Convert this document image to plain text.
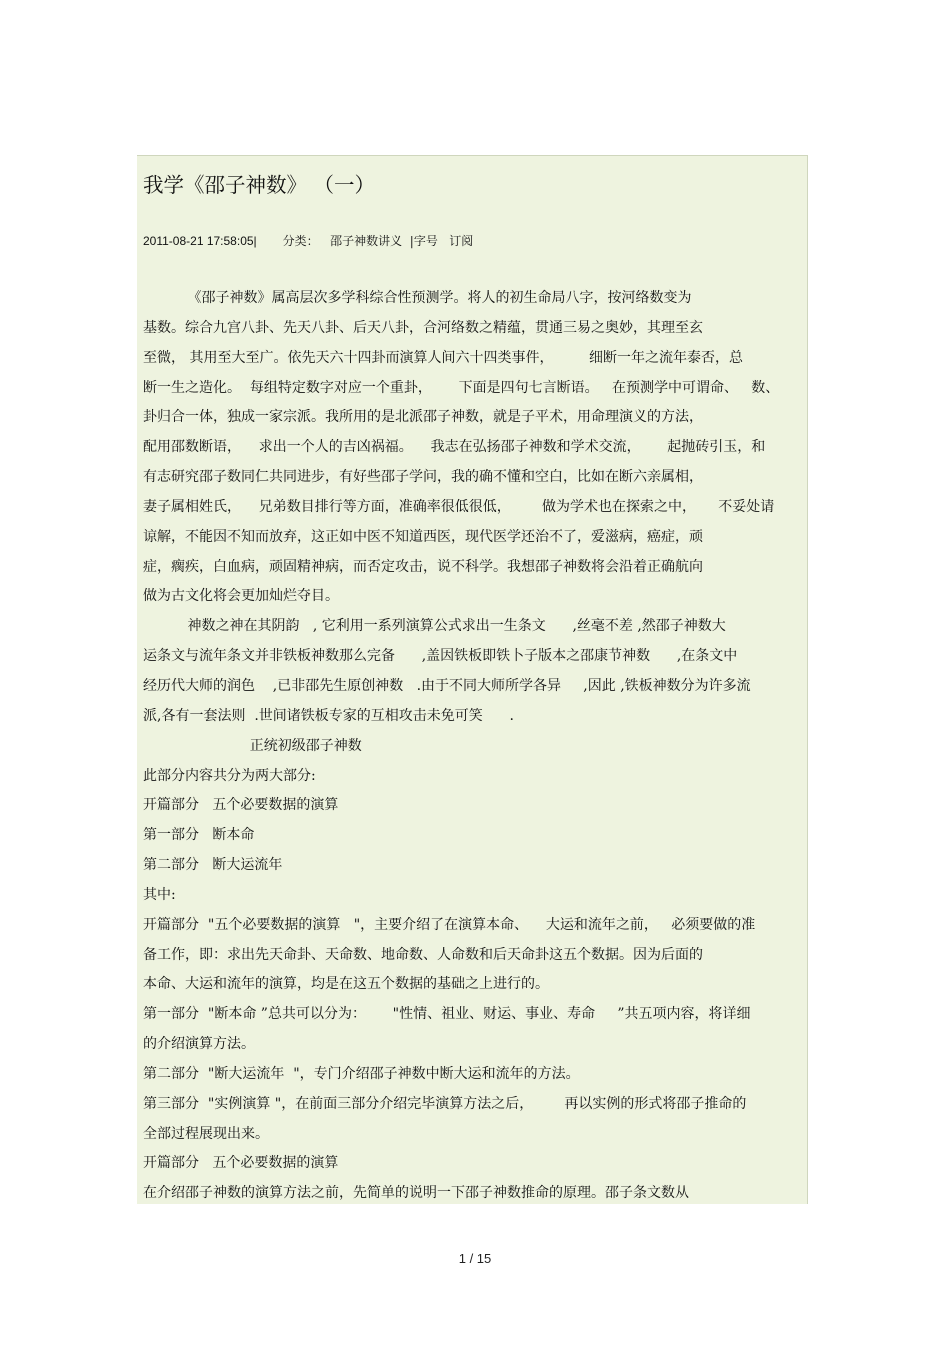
我学《邵子神数》 （一）
2011-08-21 17:58:05| 分类： 邵子神数讲义 |字号 订阅
《邵子神数》属高层次多学科综合性预测学。将人的初生命局八字，按河络数变为
基数。综合九宫八卦、先天八卦、后天八卦，合河络数之精蕴，贯通三易之奥妙，其理至玄
至微， 其用至大至广。依先天六十四卦而演算人间六十四类事件，        细断一年之流年泰否，总
断一生之造化。  每组特定数字对应一个重卦，      下面是四句七言断语。   在预测学中可谓命、   数、
卦归合一体，独成一家宗派。我所用的是北派邵子神数，就是子平术，用命理演义的方法，
配用邵数断语，    求出一个人的吉凶祸福。    我志在弘扬邵子神数和学术交流，      起抛砖引玉，和
有志研究邵子数同仁共同进步，有好些邵子学问，我的确不懂和空白，比如在断六亲属相，
妻子属相姓氏，    兄弟数目排行等方面，准确率很低很低，       做为学术也在探索之中，     不妥处请
谅解，不能因不知而放弃，这正如中医不知道西医，现代医学还治不了，爱滋病，癌症，顽
症，瘸疾，白血病，顽固精神病，而否定攻击，说不科学。我想邵子神数将会沿着正确航向
做为古文化将会更加灿烂夺目。
神数之神在其阴韵   , 它利用一系列演算公式求出一生条文      ,丝毫不差 ,然邵子神数大
运条文与流年条文并非铁板神数那么完备      ,盖因铁板即铁卜子版本之邵康节神数      ,在条文中
经历代大师的润色    ,已非邵先生原创神数   .由于不同大师所学各异     ,因此 ,铁板神数分为许多流
派,各有一套法则  .世间诸铁板专家的互相攻击未免可笑      .
正统初级邵子神数
此部分内容共分为两大部分:
开篇部分   五个必要数据的演算
第一部分   断本命
第二部分   断大运流年
其中:
开篇部分  "五个必要数据的演算   "，主要介绍了在演算本命、    大运和流年之前，   必须要做的准
备工作，即：求出先天命卦、天命数、地命数、人命数和后天命卦这五个数据。因为后面的
本命、大运和流年的演算，均是在这五个数据的基础之上进行的。
第一部分  "断本命 ”总共可以分为：      "性情、祖业、财运、事业、寿命     ”共五项内容，将详细
的介绍演算方法。
第二部分  "断大运流年  "，专门介绍邵子神数中断大运和流年的方法。
第三部分  "实例演算 "，在前面三部分介绍完毕演算方法之后，       再以实例的形式将邵子推命的
全部过程展现出来。
开篇部分   五个必要数据的演算
在介绍邵子神数的演算方法之前，先简单的说明一下邵子神数推命的原理。邵子条文数从
1 / 15
